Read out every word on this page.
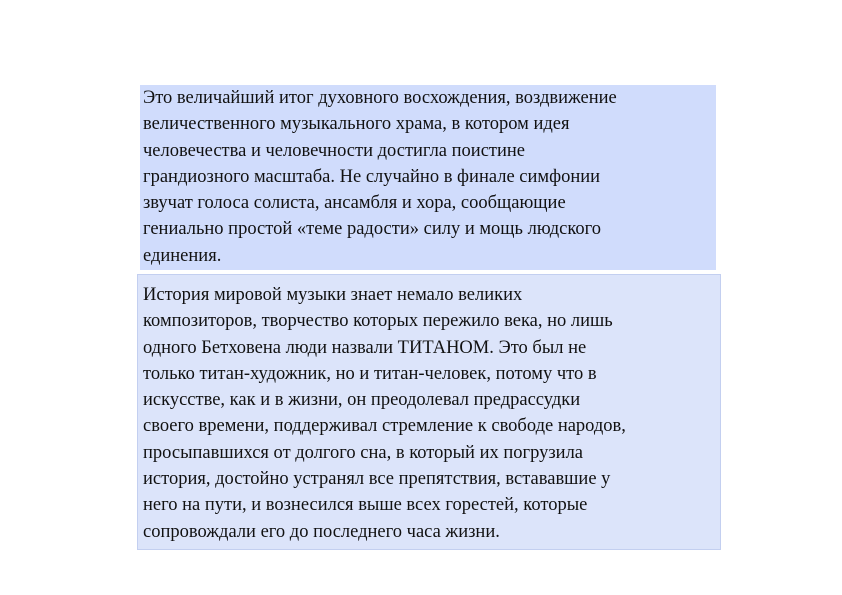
Это величайший итог духовного восхождения, воздвижение
величественного музыкального храма, в котором идея
человечества и человечности достигла поистине
грандиозного масштаба. Не случайно в финале симфонии
звучат голоса солиста, ансамбля и хора, сообщающие
гениально простой «теме радости» силу и мощь людского
единения.
История мировой музыки знает немало великих
композиторов, творчество которых пережило века, но лишь
одного Бетховена люди назвали ТИТАНОМ. Это был не
только титан-художник, но и титан-человек, потому что в
искусстве, как и в жизни, он преодолевал предрассудки
своего времени, поддерживал стремление к свободе народов,
просыпавшихся от долгого сна, в который их погрузила
история, достойно устранял все препятствия, встававшие у
него на пути, и вознесился выше всех горестей, которые
сопровождали его до последнего часа жизни.
